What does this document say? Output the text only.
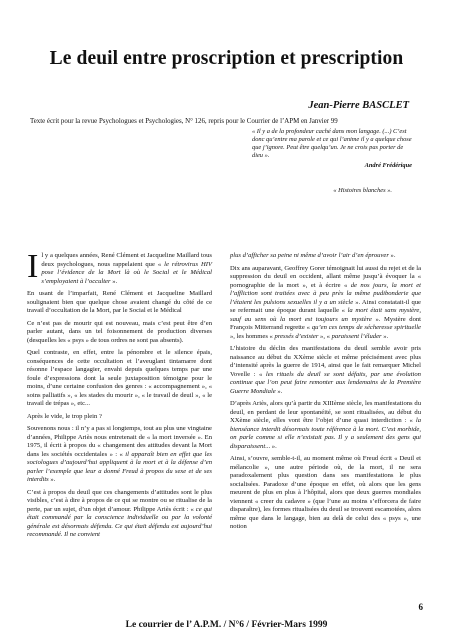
Le deuil entre proscription et prescription
Jean-Pierre BASCLET
Texte écrit pour la revue Psychologues et Psychologies, N° 126, repris pour le Courrier de l’APM en Janvier 99
« Il y a de la profondeur caché dans mon langage. (...) C’est donc qu’entre ma parole et ce qui l’anime il y a quelque chose que j’ignore. Peut être quelqu’un. Je ne crois pas porter de dieu ».
André Frédérique
« Histoires blanches ».

Il y a quelques années, René Clément et Jacqueline Maillard tous deux psychologues, nous rappelaient que « le rétrovirus HIV pose l’évidence de la Mort là où le Social et le Médical s’employaient à l’occulter ».

En usant de l’imparfait, René Clément et Jacqueline Maillard soulignaient bien que quelque chose avaient changé du côté de ce travail d’occultation de la Mort, par le Social et le Médical

Ce n’est pas de mourir qui est nouveau, mais c’est peut être d’en parler autant, dans un tel foisonnement de production diverses (desquelles les « psys » de tous ordres ne sont pas absents).

Quel contraste, en effet, entre la pénombre et le silence épais, conséquences de cette occultation et l’aveuglant tintamarre dont résonne l’espace langagier, envahi depuis quelques temps par une foule d’expressions dont la seule juxtaposition témoigne pour le moins, d’une certaine confusion des genres : « accompagnement », « soins palliatifs », « les stades du mourir », « le travail de deuil », « le travail de trépas », etc...

Après le vide, le trop plein ?

Souvenons nous : il n’y a pas si longtemps, tout au plus une vingtaine d’années, Philippe Ariès nous entretenait de « la mort inversée ». En 1975, il écrit à propos du « changement des attitudes devant la Mort dans les sociétés occidentales » : « il apparaît bien en effet que les sociologues d’aujourd’hui appliquent à la mort et à la défense d’en parler l’exemple que leur a donné Freud à propos du sexe et de ses interdits ».

C’est à propos du deuil que ces changements d’attitudes sont le plus visibles, c’est à dire à propos de ce qui se montre ou se ritualise de la perte, par un sujet, d’un objet d’amour. Philippe Ariès écrit : « ce qui était commandé par la conscience individuelle ou par la volonté générale est désormais défendu. Ce qui était défendu est aujourd’hui recommandé. Il ne convient

plus d’afficher sa peine ni même d’avoir l’air d’en éprouver ».

Dix ans auparavant, Geoffrey Gorer témoignait lui aussi du rejet et de la suppression du deuil en occident, allant même jusqu’à évoquer la « pornographie de la mort », et à écrire « de nos jours, la mort et l’affliction sont traitées avec à peu près la même pudibonderie que l’étaient les pulsions sexuelles il y a un siècle ». Ainsi constatait-il que se refermait une époque durant laquelle « la mort était sans mystère, sauf au sens où la mort est toujours un mystère ». Mystère dont François Mitterrand regrette « qu’en ces temps de sécheresse spirituelle », les hommes « pressés d’exister », « paraissent l’éluder ».

L’histoire du déclin des manifestations du deuil semble avoir pris naissance au début du XXème siècle et même précisément avec plus d’intensité après la guerre de 1914, ainsi que le fait remarquer Michel Vovelle : « les rituels du deuil se sont défaits, par une évolution continue que l’on peut faire remonter aux lendemains de la Première Guerre Mondiale ».

D’après Ariès, alors qu’à partir du XIIIème siècle, les manifestations du deuil, en perdant de leur spontanéité, se sont ritualisées, au début du XXème siècle, elles vont être l’objet d’une quasi interdiction : « la bienséance interdit désormais toute référence à la mort. C’est morbide, on parle comme si elle n’existait pas. Il y a seulement des gens qui disparaissent... ».

Ainsi, s’ouvre, semble-t-il, au moment même où Freud écrit « Deuil et mélancolie », une autre période où, de la mort, il ne sera paradoxalement plus question dans ses manifestations le plus socialisées. Paradoxe d’une époque en effet, où alors que les gens meurent de plus en plus à l’hôpital, alors que deux guerres mondiales viennent « creer du cadavre » (que l’une au moins s’efforcera de faire disparaître), les formes ritualisées du deuil se trouvent escamotées, alors même que dans le langage, bien au delà de celui des « psys », une notion

6
Le courrier de l’ A.P.M. / N°6 / Février-Mars 1999
